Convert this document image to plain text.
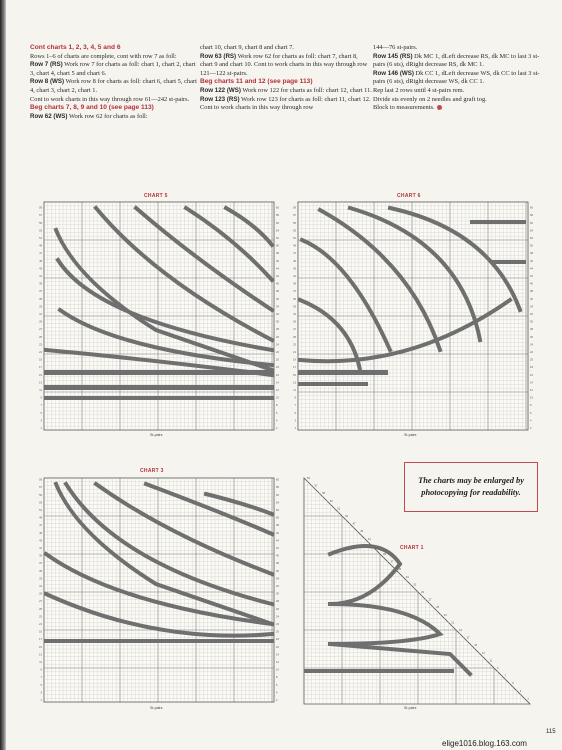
Cont charts 1, 2, 3, 4, 5 and 6

Rows 1–6 of charts are complete, cont with row 7 as foll:

Row 7 (RS) Work row 7 for charts as foll: chart 1, chart 2, chart 3, chart 4, chart 5 and chart 6.

Row 8 (WS) Work row 8 for charts as foll: chart 6, chart 5, chart 4, chart 3, chart 2, chart 1.

Cont to work charts in this way through row 61—242 st-pairs.

Beg charts 7, 8, 9 and 10 (see page 113)

Row 62 (WS) Work row 62 for charts as foll:

chart 10, chart 9, chart 8 and chart 7.

Row 63 (RS) Work row 62 for charts as foll: chart 7, chart 8, chart 9 and chart 10. Cont to work charts in this way through row 121—122 st-pairs.

Beg charts 11 and 12 (see page 113)

Row 122 (WS) Work row 122 for charts as foll: chart 12, chart 11.

Row 123 (RS) Work row 123 for charts as foll: chart 11, chart 12.

Cont to work charts in this way through row

144—76 st-pairs.

Row 145 (RS) Dk MC 1, dLeft decrease RS, dk MC to last 3 st-pairs (6 sts), dRight decrease RS, dk MC 1.

Row 146 (WS) Dk CC 1, dLeft decrease WS, dk CC to last 3 st-pairs (6 sts), dRight decrease WS, dk CC 1.

Rep last 2 rows until 4 st-pairs rem.

Divide sts evenly on 2 needles and graft tog.

Block to measurements.

CHART 5	CHART 6
CHART 3
CHART 1
1	2
3	4
5	6
7	8
9	10
11	12
13	14
15	16
17	18
19	20
21	22
23	24
25	26
27	28
29	30
31	32
33	34
35	36
37	38
39	40
41	42
43	44
45	46
47	48
49	50
51	52
53	54
55	56
57	58
59	60
1	2
3	4
5	6
7	8
9	10
11	12
13	14
15	16
17	18
19	20
21	22
23	24
25	26
27	28
29	30
31	32
33	34
35	36
37	38
39	40
41	42
43	44
45	46
47	48
49	50
51	52
53	54
55	56
57	58
59	60
1	2
3	4
5	6
7	8
9	10
11	12
13	14
15	16
17	18
19	20
21	22
23	24
25	26
27	28
29	30
31	32
33	34
35	36
37	38
39	40
41	42
43	44
45	46
47	48
49	50
51	52
53	54
55	56
57	58
59	60
59
57
55
53
51
49
47
45
43
41
39
37
35
33
31
29
27
25
23
21
19
17
15
13
11
9
7
5
3
1
St-pairs	St-pairs
St-pairs	St-pairs
The charts may be enlarged by photocopying for readability.
115
elige1016.blog.163.com
